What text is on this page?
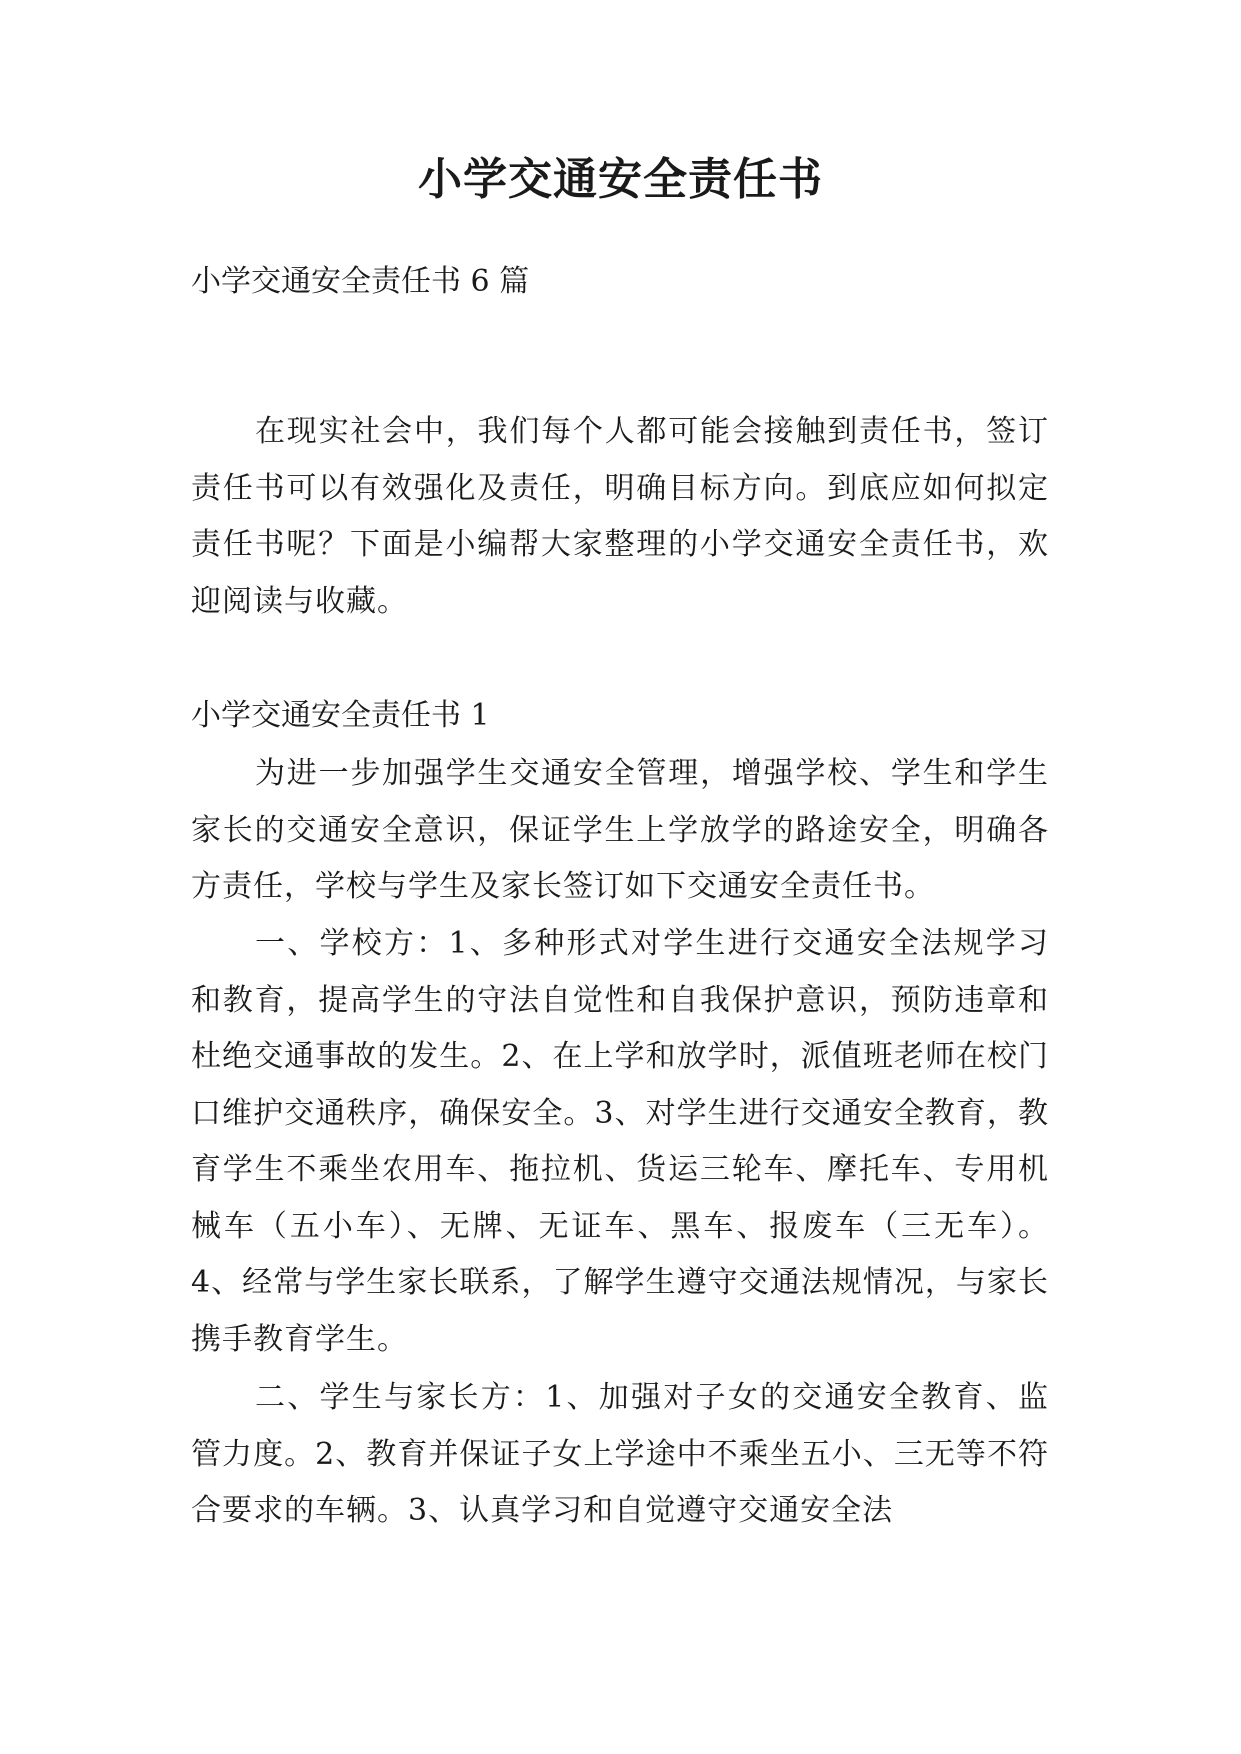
小学交通安全责任书

小学交通安全责任书 6 篇

在现实社会中，我们每个人都可能会接触到责任书，签订责任书可以有效强化及责任，明确目标方向。到底应如何拟定责任书呢？下面是小编帮大家整理的小学交通安全责任书，欢迎阅读与收藏。

小学交通安全责任书 1

为进一步加强学生交通安全管理，增强学校、学生和学生家长的交通安全意识，保证学生上学放学的路途安全，明确各方责任，学校与学生及家长签订如下交通安全责任书。

一、学校方：1、多种形式对学生进行交通安全法规学习和教育，提高学生的守法自觉性和自我保护意识，预防违章和杜绝交通事故的发生。2、在上学和放学时，派值班老师在校门口维护交通秩序，确保安全。3、对学生进行交通安全教育，教育学生不乘坐农用车、拖拉机、货运三轮车、摩托车、专用机械车（五小车）、无牌、无证车、黑车、报废车（三无车）。4、经常与学生家长联系，了解学生遵守交通法规情况，与家长携手教育学生。

二、学生与家长方：1、加强对子女的交通安全教育、监管力度。2、教育并保证子女上学途中不乘坐五小、三无等不符合要求的车辆。3、认真学习和自觉遵守交通安全法
